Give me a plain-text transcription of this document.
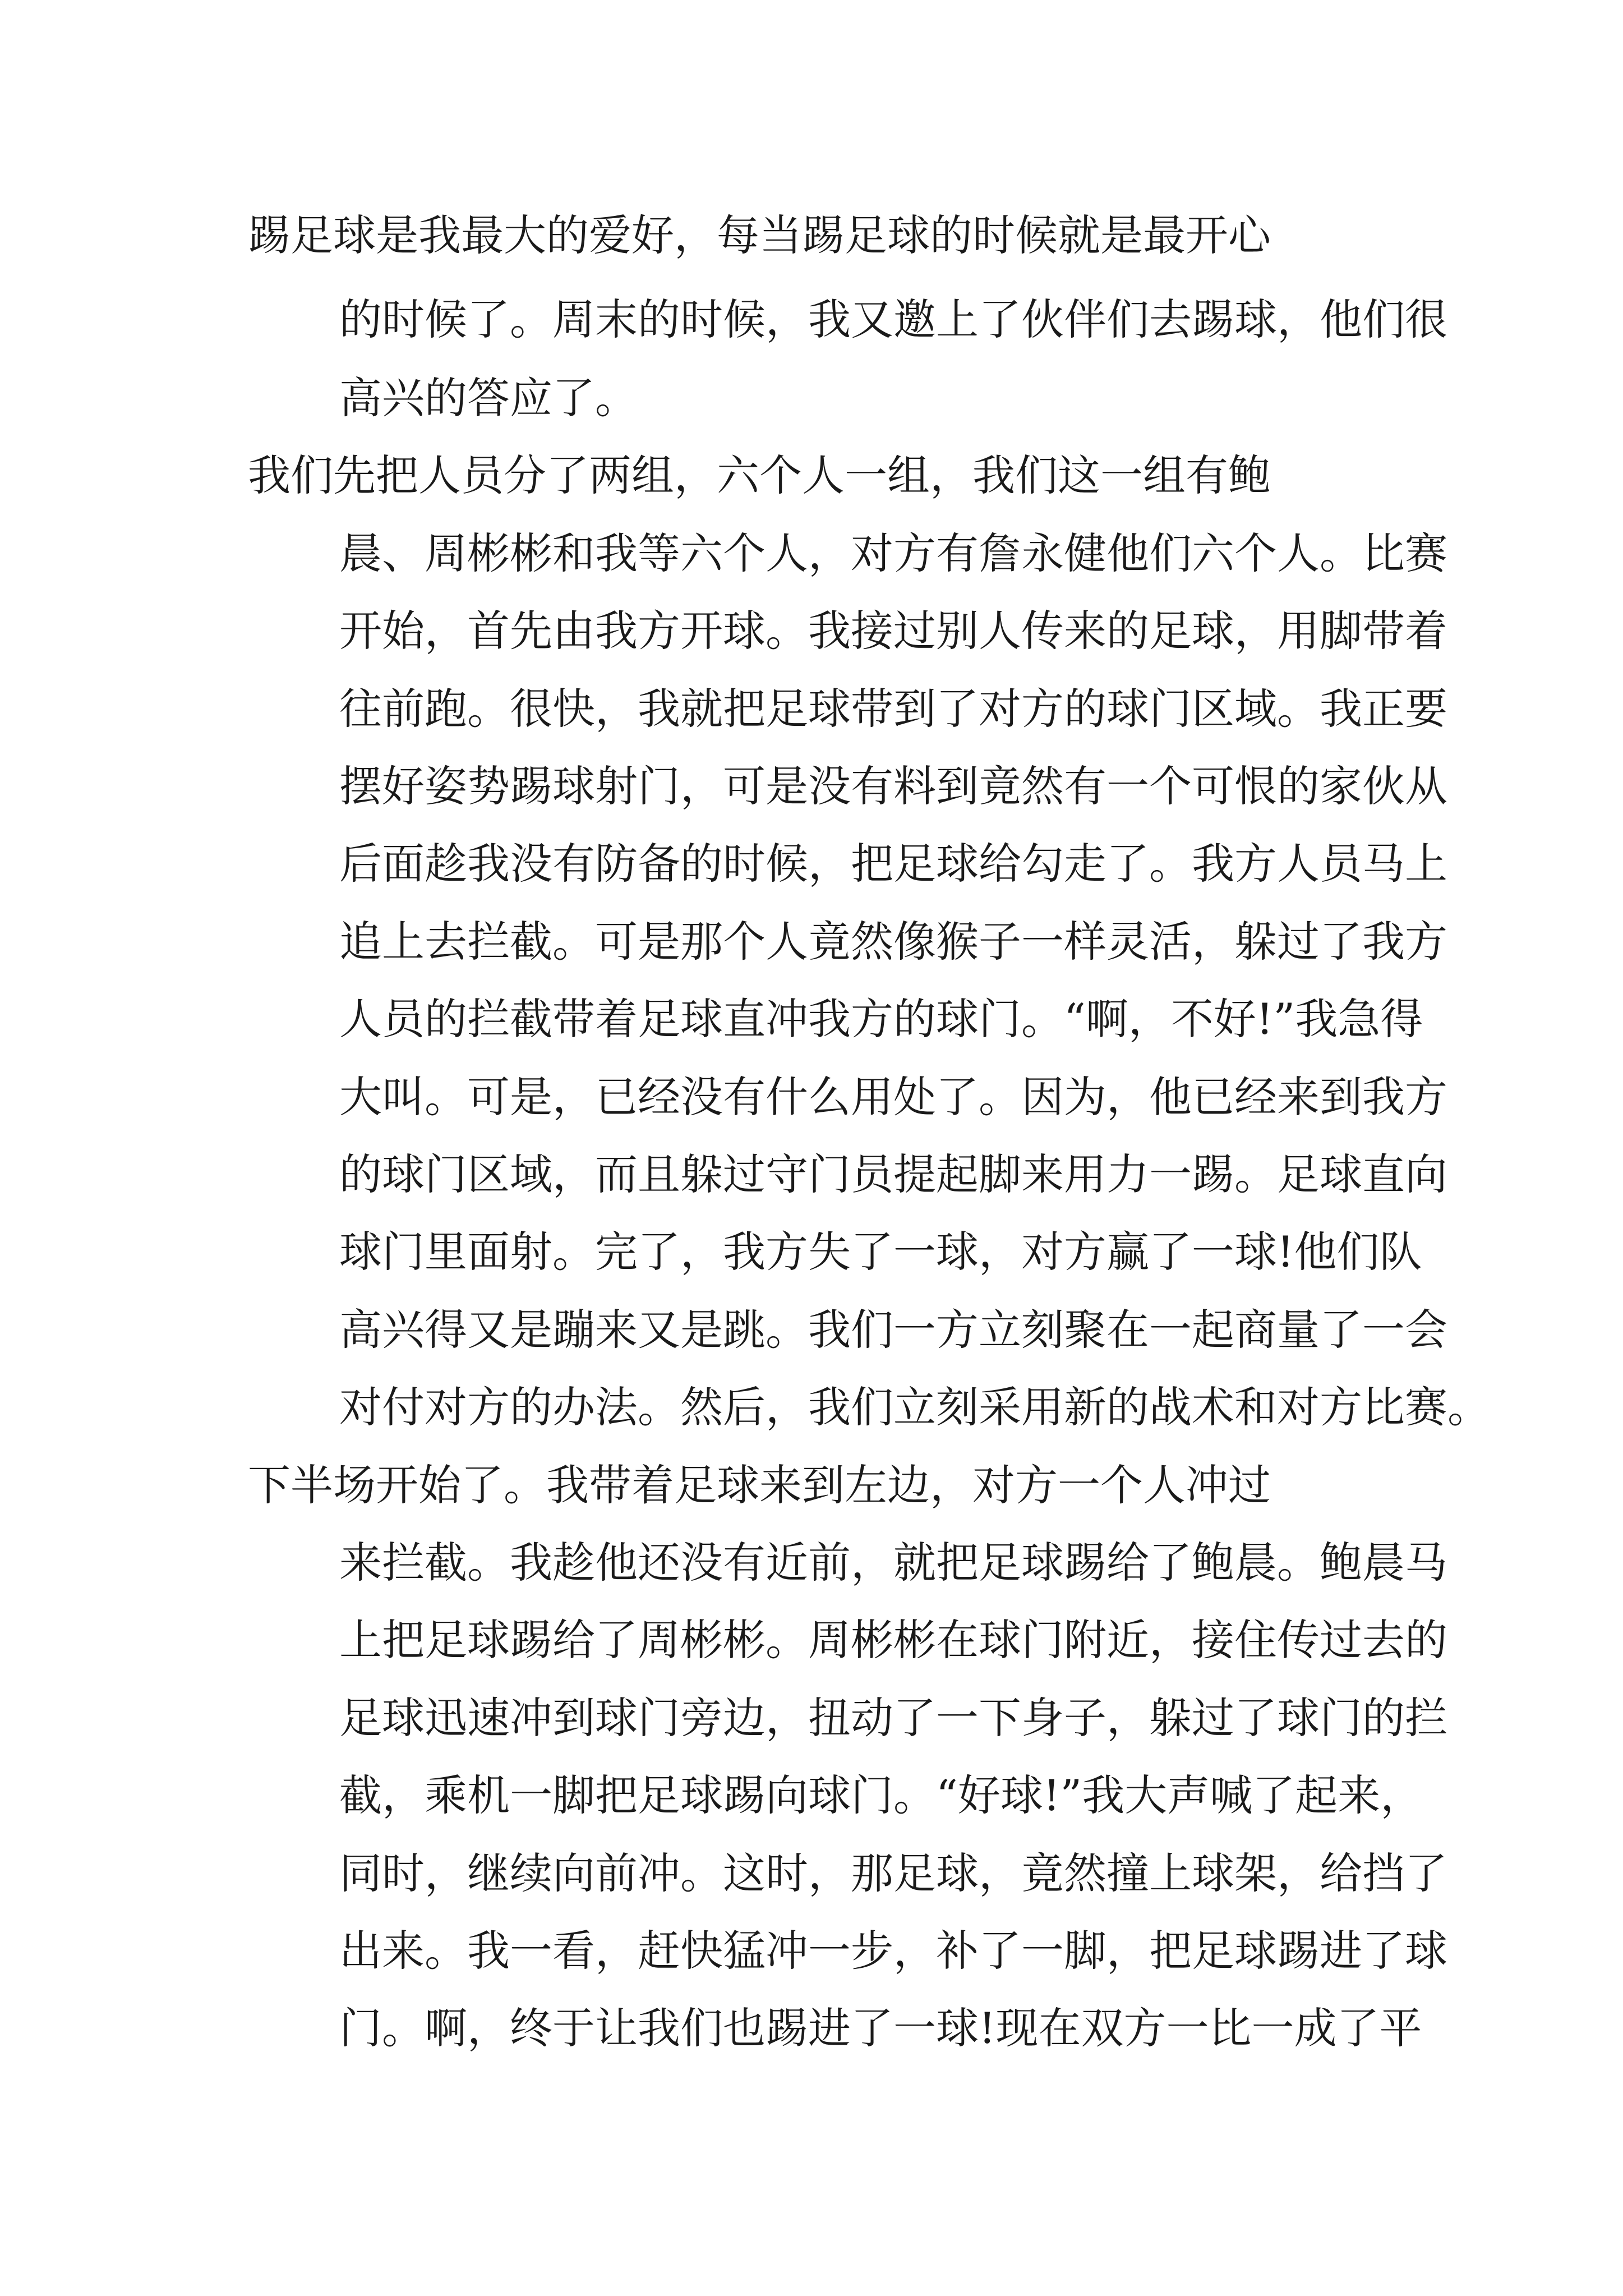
踢足球是我最大的爱好，每当踢足球的时候就是最开心

的时候了。周末的时候，我又邀上了伙伴们去踢球，他们很

高兴的答应了。

我们先把人员分了两组，六个人一组，我们这一组有鲍

晨、周彬彬和我等六个人，对方有詹永健他们六个人。比赛

开始，首先由我方开球。我接过别人传来的足球，用脚带着

往前跑。很快，我就把足球带到了对方的球门区域。我正要

摆好姿势踢球射门，可是没有料到竟然有一个可恨的家伙从

后面趁我没有防备的时候，把足球给勾走了。我方人员马上

追上去拦截。可是那个人竟然像猴子一样灵活，躲过了我方

人员的拦截带着足球直冲我方的球门。“啊，不好!”我急得

大叫。可是，已经没有什么用处了。因为，他已经来到我方

的球门区域，而且躲过守门员提起脚来用力一踢。足球直向

球门里面射。完了，我方失了一球，对方赢了一球!他们队

高兴得又是蹦来又是跳。我们一方立刻聚在一起商量了一会

对付对方的办法。然后，我们立刻采用新的战术和对方比赛。

下半场开始了。我带着足球来到左边，对方一个人冲过

来拦截。我趁他还没有近前，就把足球踢给了鲍晨。鲍晨马

上把足球踢给了周彬彬。周彬彬在球门附近，接住传过去的

足球迅速冲到球门旁边，扭动了一下身子，躲过了球门的拦

截，乘机一脚把足球踢向球门。“好球!”我大声喊了起来，

同时，继续向前冲。这时，那足球，竟然撞上球架，给挡了

出来。我一看，赶快猛冲一步，补了一脚，把足球踢进了球

门。啊，终于让我们也踢进了一球!现在双方一比一成了平
